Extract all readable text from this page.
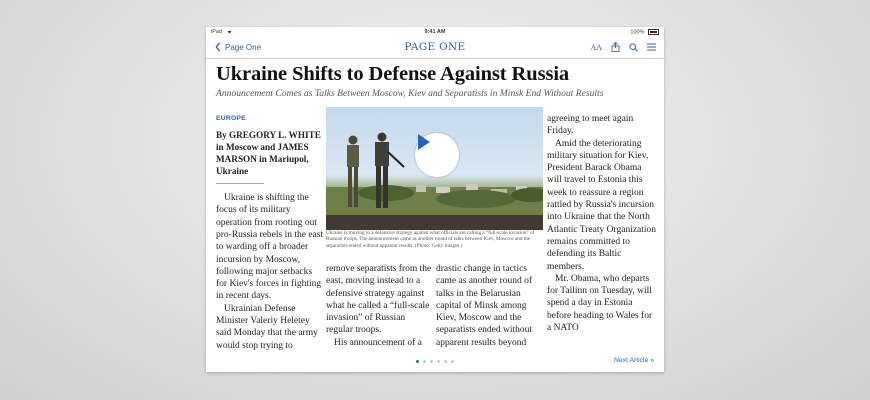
iPad	9:41 AM	100%
Page One	PAGE ONE	AA
Ukraine Shifts to Defense Against Russia
Announcement Comes as Talks Between Moscow, Kiev and Separatists in Minsk End Without Results
EUROPE
By GREGORY L. WHITE in Moscow and JAMES MARSON in Mariupol, Ukraine

Ukraine is shifting the focus of its military operation from rooting out pro-Russia rebels in the east to warding off a broader incursion by Moscow, following major setbacks for Kiev's forces in fighting in recent days.

Ukrainian Defense Minister Valeriy Heletey said Monday that the army would stop trying to

Ukraine is moving to a defensive strategy against what officials are calling a “full-scale invasion” of Russian troops. The announcement came as another round of talks between Kiev, Moscow and the separatists ended without apparent results. (Photo: Getty Images.)

remove separatists from the east, moving instead to a defensive strategy against what he called a “full-scale invasion” of Russian regular troops.

His announcement of a

drastic change in tactics came as another round of talks in the Belarusian capital of Minsk among Kiev, Moscow and the separatists ended without apparent results beyond

agreeing to meet again Friday.

Amid the deteriorating military situation for Kiev, President Barack Obama will travel to Estonia this week to reassure a region rattled by Russia's incursion into Ukraine that the North Atlantic Treaty Organization remains committed to defending its Baltic members.

Mr. Obama, who departs for Tallinn on Tuesday, will spend a day in Estonia before heading to Wales for a NATO

Next Article »
